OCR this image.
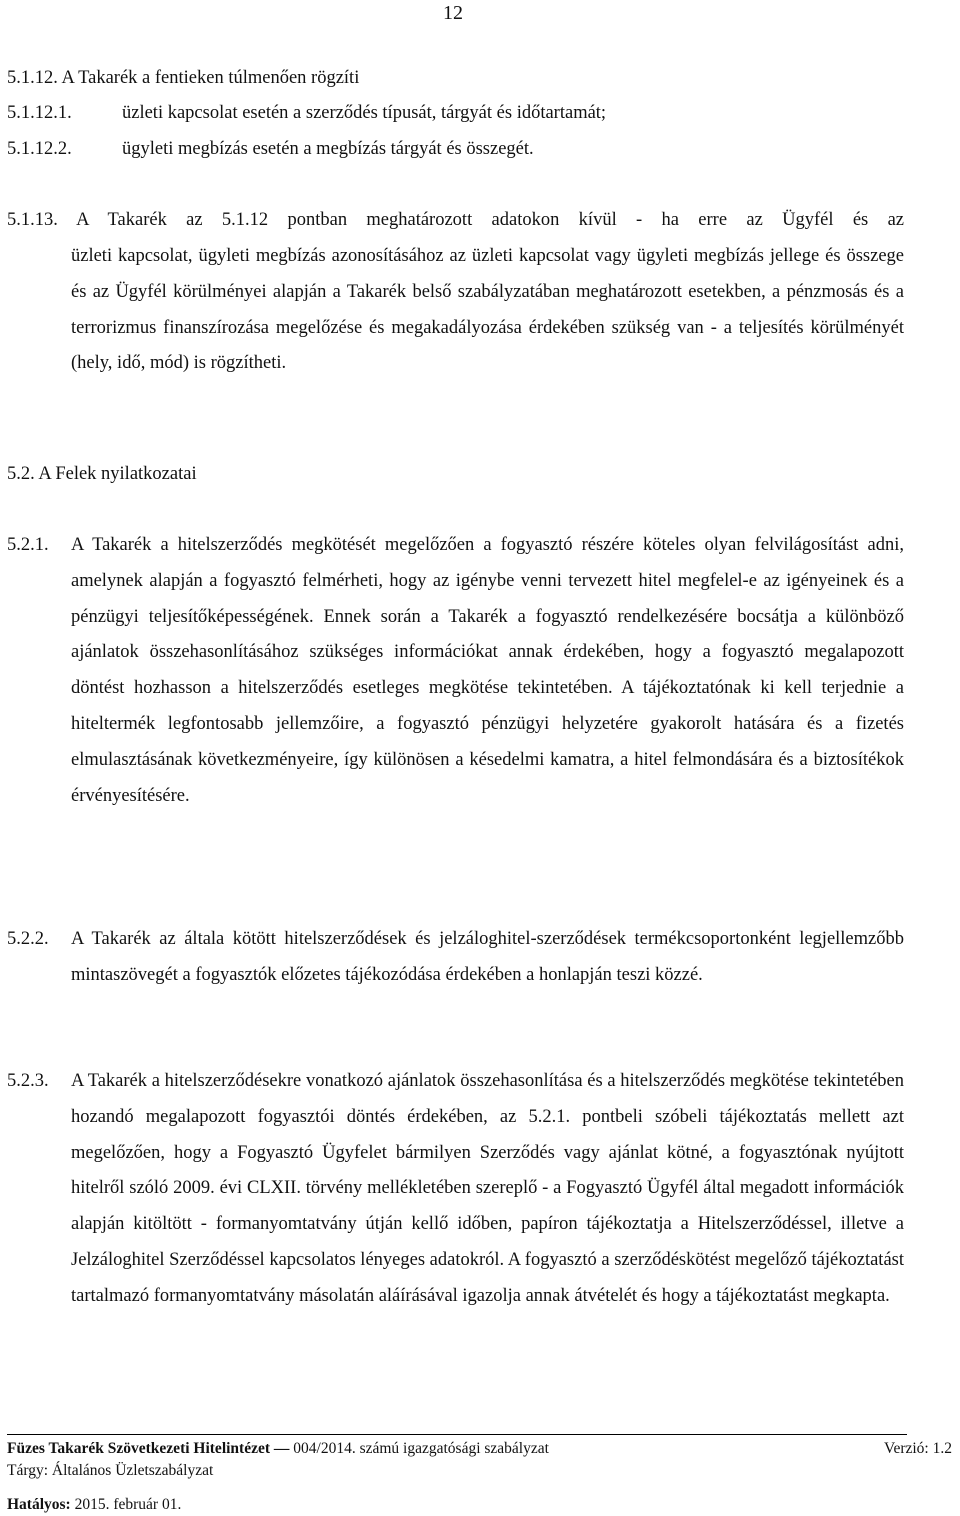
12
5.1.12. A Takarék a fentieken túlmenően rögzíti
5.1.12.1.	üzleti kapcsolat esetén a szerződés típusát, tárgyát és időtartamát;
5.1.12.2.	ügyleti megbízás esetén a megbízás tárgyát és összegét.
5.1.13. A Takarék az 5.1.12 pontban meghatározott adatokon kívül - ha erre az Ügyfél és az

üzleti kapcsolat, ügyleti megbízás azonosításához az üzleti kapcsolat vagy ügyleti megbízás jellege és összege és az Ügyfél körülményei alapján a Takarék belső szabályzatában meghatározott esetekben, a pénzmosás és a terrorizmus finanszírozása megelőzése és megakadályozása érdekében szükség van - a teljesítés körülményét (hely, idő, mód) is rögzítheti.

5.2. A Felek nyilatkozatai
5.2.1. A Takarék a hitelszerződés megkötését megelőzően a fogyasztó részére köteles olyan felvilágosítást adni, amelynek alapján a fogyasztó felmérheti, hogy az igénybe venni tervezett hitel megfelel-e az igényeinek és a pénzügyi teljesítőképességének. Ennek során a Takarék a fogyasztó rendelkezésére bocsátja a különböző ajánlatok összehasonlításához szükséges információkat annak érdekében, hogy a fogyasztó megalapozott döntést hozhasson a hitelszerződés esetleges megkötése tekintetében. A tájékoztatónak ki kell terjednie a hiteltermék legfontosabb jellemzőire, a fogyasztó pénzügyi helyzetére gyakorolt hatására és a fizetés elmulasztásának következményeire, így különösen a késedelmi kamatra, a hitel felmondására és a biztosítékok érvényesítésére.

5.2.2. A Takarék az általa kötött hitelszerződések és jelzáloghitel-szerződések termékcsoportonként legjellemzőbb mintaszövegét a fogyasztók előzetes tájékozódása érdekében a honlapján teszi közzé.

5.2.3. A Takarék a hitelszerződésekre vonatkozó ajánlatok összehasonlítása és a hitelszerződés megkötése tekintetében hozandó megalapozott fogyasztói döntés érdekében, az 5.2.1. pontbeli szóbeli tájékoztatás mellett azt megelőzően, hogy a Fogyasztó Ügyfelet bármilyen Szerződés vagy ajánlat kötné, a fogyasztónak nyújtott hitelről szóló 2009. évi CLXII. törvény mellékletében szereplő - a Fogyasztó Ügyfél által megadott információk alapján kitöltött - formanyomtatvány útján kellő időben, papíron tájékoztatja a Hitelszerződéssel, illetve a Jelzáloghitel Szerződéssel kapcsolatos lényeges adatokról. A fogyasztó a szerződéskötést megelőző tájékoztatást tartalmazó formanyomtatvány másolatán aláírásával igazolja annak átvételét és hogy a tájékoztatást megkapta.

Füzes Takarék Szövetkezeti Hitelintézet — 004/2014. számú igazgatósági szabályzat	Verzió: 1.2
Tárgy: Általános Üzletszabályzat
Hatályos: 2015. február 01.
